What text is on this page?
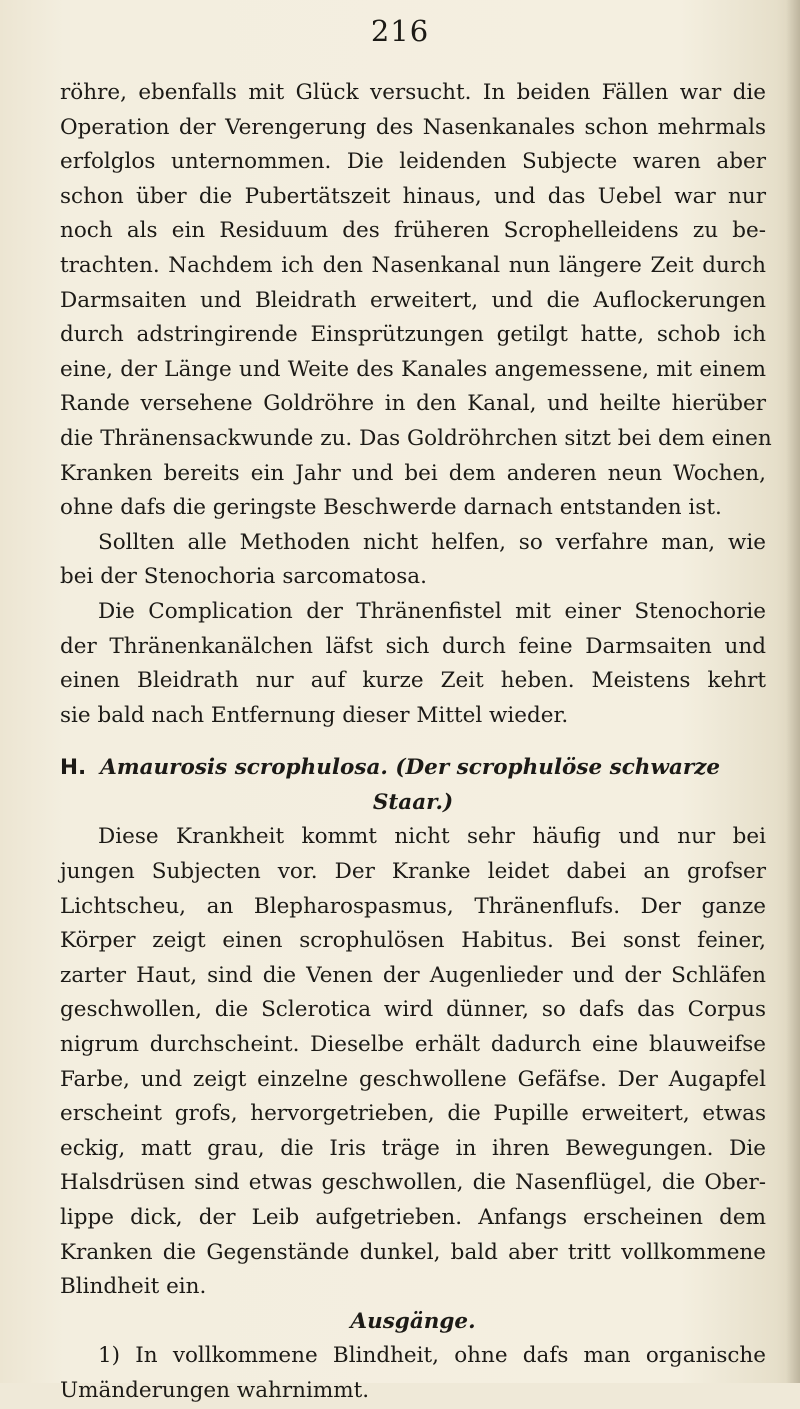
216
röhre, ebenfalls mit Glück versucht. In beiden Fällen war die
Operation der Verengerung des Nasenkanales schon mehrmals
erfolglos unternommen. Die leidenden Subjecte waren aber
schon über die Pubertätszeit hinaus, und das Uebel war nur
noch als ein Residuum des früheren Scrophelleidens zu be-
trachten. Nachdem ich den Nasenkanal nun längere Zeit durch
Darmsaiten und Bleidrath erweitert, und die Auflockerungen
durch adstringirende Einsprützungen getilgt hatte, schob ich
eine, der Länge und Weite des Kanales angemessene, mit einem
Rande versehene Goldröhre in den Kanal, und heilte hierüber
die Thränensackwunde zu. Das Goldröhrchen sitzt bei dem einen
Kranken bereits ein Jahr und bei dem anderen neun Wochen,
ohne dafs die geringste Beschwerde darnach entstanden ist.
Sollten alle Methoden nicht helfen, so verfahre man, wie
bei der Stenochoria sarcomatosa.
Die Complication der Thränenfistel mit einer Stenochorie
der Thränenkanälchen läfst sich durch feine Darmsaiten und
einen Bleidrath nur auf kurze Zeit heben. Meistens kehrt
sie bald nach Entfernung dieser Mittel wieder.
H. Amaurosis scrophulosa. (Der scrophulöse schwarze
Staar.)
Diese Krankheit kommt nicht sehr häufig und nur bei
jungen Subjecten vor. Der Kranke leidet dabei an grofser
Lichtscheu, an Blepharospasmus, Thränenflufs. Der ganze
Körper zeigt einen scrophulösen Habitus. Bei sonst feiner,
zarter Haut, sind die Venen der Augenlieder und der Schläfen
geschwollen, die Sclerotica wird dünner, so dafs das Corpus
nigrum durchscheint. Dieselbe erhält dadurch eine blauweifse
Farbe, und zeigt einzelne geschwollene Gefäfse. Der Augapfel
erscheint grofs, hervorgetrieben, die Pupille erweitert, etwas
eckig, matt grau, die Iris träge in ihren Bewegungen. Die
Halsdrüsen sind etwas geschwollen, die Nasenflügel, die Ober-
lippe dick, der Leib aufgetrieben. Anfangs erscheinen dem
Kranken die Gegenstände dunkel, bald aber tritt vollkommene
Blindheit ein.
Ausgänge.
1) In vollkommene Blindheit, ohne dafs man organische
Umänderungen wahrnimmt.
